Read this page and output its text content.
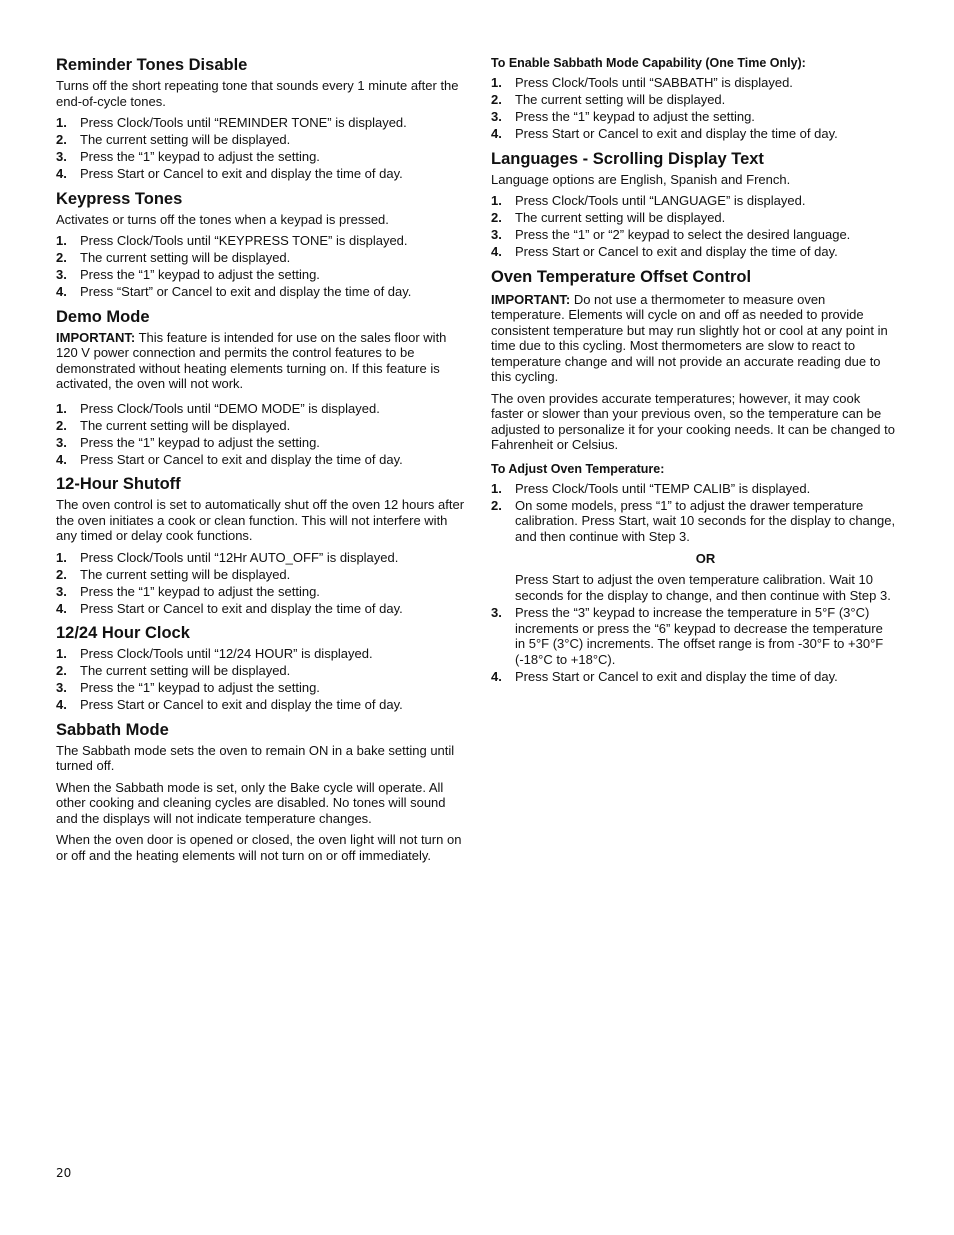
Reminder Tones Disable

Turns off the short repeating tone that sounds every 1 minute after the end-of-cycle tones.

1.	Press Clock/Tools until “REMINDER TONE” is displayed.
2.	The current setting will be displayed.
3.	Press the “1” keypad to adjust the setting.
4.	Press Start or Cancel to exit and display the time of day.
Keypress Tones

Activates or turns off the tones when a keypad is pressed.

1.	Press Clock/Tools until “KEYPRESS TONE” is displayed.
2.	The current setting will be displayed.
3.	Press the “1” keypad to adjust the setting.
4.	Press “Start” or Cancel to exit and display the time of day.
Demo Mode

IMPORTANT: This feature is intended for use on the sales floor with 120 V power connection and permits the control features to be demonstrated without heating elements turning on. If this feature is activated, the oven will not work.

1.	Press Clock/Tools until “DEMO MODE” is displayed.
2.	The current setting will be displayed.
3.	Press the “1” keypad to adjust the setting.
4.	Press Start or Cancel to exit and display the time of day.
12-Hour Shutoff

The oven control is set to automatically shut off the oven 12 hours after the oven initiates a cook or clean function. This will not interfere with any timed or delay cook functions.

1.	Press Clock/Tools until “12Hr AUTO_OFF” is displayed.
2.	The current setting will be displayed.
3.	Press the “1” keypad to adjust the setting.
4.	Press Start or Cancel to exit and display the time of day.
12/24 Hour Clock
1.	Press Clock/Tools until “12/24 HOUR” is displayed.
2.	The current setting will be displayed.
3.	Press the “1” keypad to adjust the setting.
4.	Press Start or Cancel to exit and display the time of day.
Sabbath Mode

The Sabbath mode sets the oven to remain ON in a bake setting until turned off.

When the Sabbath mode is set, only the Bake cycle will operate. All other cooking and cleaning cycles are disabled. No tones will sound and the displays will not indicate temperature changes.

When the oven door is opened or closed, the oven light will not turn on or off and the heating elements will not turn on or off immediately.

To Enable Sabbath Mode Capability (One Time Only):
1.	Press Clock/Tools until “SABBATH” is displayed.
2.	The current setting will be displayed.
3.	Press the “1” keypad to adjust the setting.
4.	Press Start or Cancel to exit and display the time of day.
Languages - Scrolling Display Text

Language options are English, Spanish and French.

1.	Press Clock/Tools until “LANGUAGE” is displayed.
2.	The current setting will be displayed.
3.	Press the “1” or “2” keypad to select the desired language.
4.	Press Start or Cancel to exit and display the time of day.
Oven Temperature Offset Control

IMPORTANT: Do not use a thermometer to measure oven temperature. Elements will cycle on and off as needed to provide consistent temperature but may run slightly hot or cool at any point in time due to this cycling. Most thermometers are slow to react to temperature change and will not provide an accurate reading due to this cycling.

The oven provides accurate temperatures; however, it may cook faster or slower than your previous oven, so the temperature can be adjusted to personalize it for your cooking needs. It can be changed to Fahrenheit or Celsius.

To Adjust Oven Temperature:
1.	Press Clock/Tools until “TEMP CALIB” is displayed.
2.	On some models, press “1” to adjust the drawer temperature calibration. Press Start, wait 10 seconds for the display to change, and then continue with Step 3.
OR

Press Start to adjust the oven temperature calibration. Wait 10 seconds for the display to change, and then continue with Step 3.

3.	Press the “3” keypad to increase the temperature in 5°F (3°C) increments or press the “6” keypad to decrease the temperature in 5°F (3°C) increments. The offset range is from -30°F to +30°F (-18°C to +18°C).
4.	Press Start or Cancel to exit and display the time of day.
20
